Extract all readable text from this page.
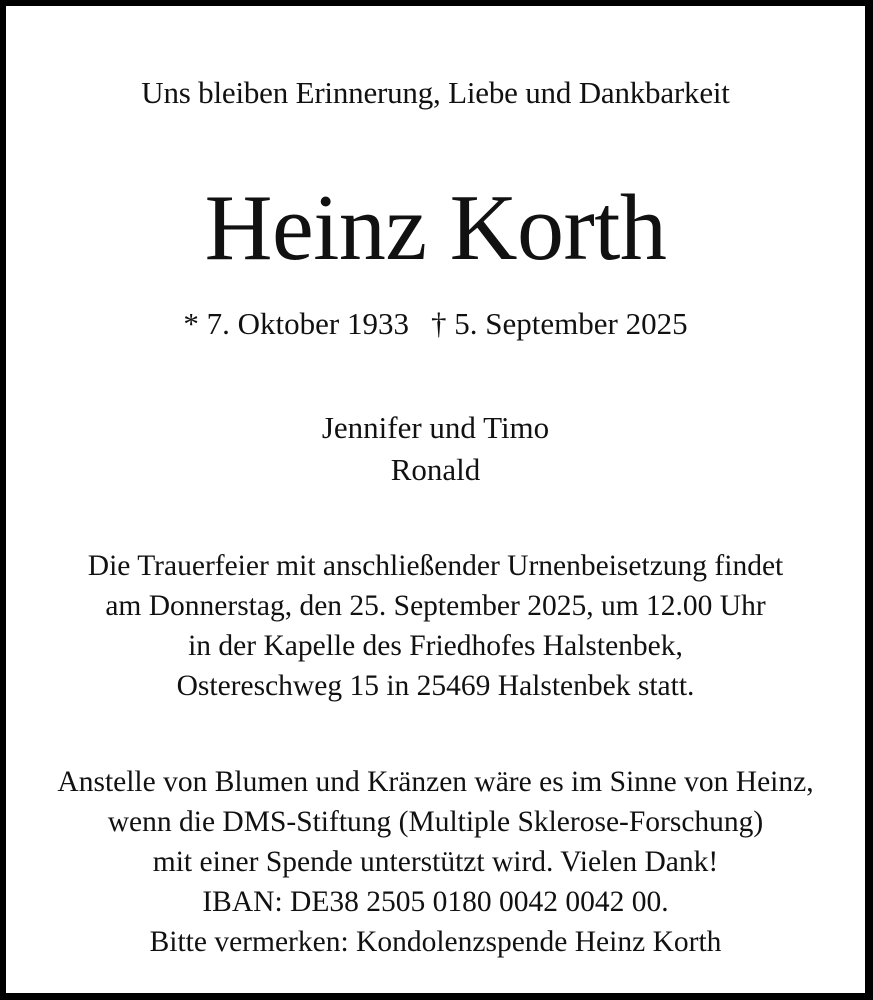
Uns bleiben Erinnerung, Liebe und Dankbarkeit
Heinz Korth
* 7. Oktober 1933 † 5. September 2025
Jennifer und Timo
Ronald
Die Trauerfeier mit anschließender Urnenbeisetzung findet
am Donnerstag, den 25. September 2025, um 12.00 Uhr
in der Kapelle des Friedhofes Halstenbek,
Ostereschweg 15 in 25469 Halstenbek statt.
Anstelle von Blumen und Kränzen wäre es im Sinne von Heinz,
wenn die DMS-Stiftung (Multiple Sklerose-Forschung)
mit einer Spende unterstützt wird. Vielen Dank!
IBAN: DE38 2505 0180 0042 0042 00.
Bitte vermerken: Kondolenzspende Heinz Korth
